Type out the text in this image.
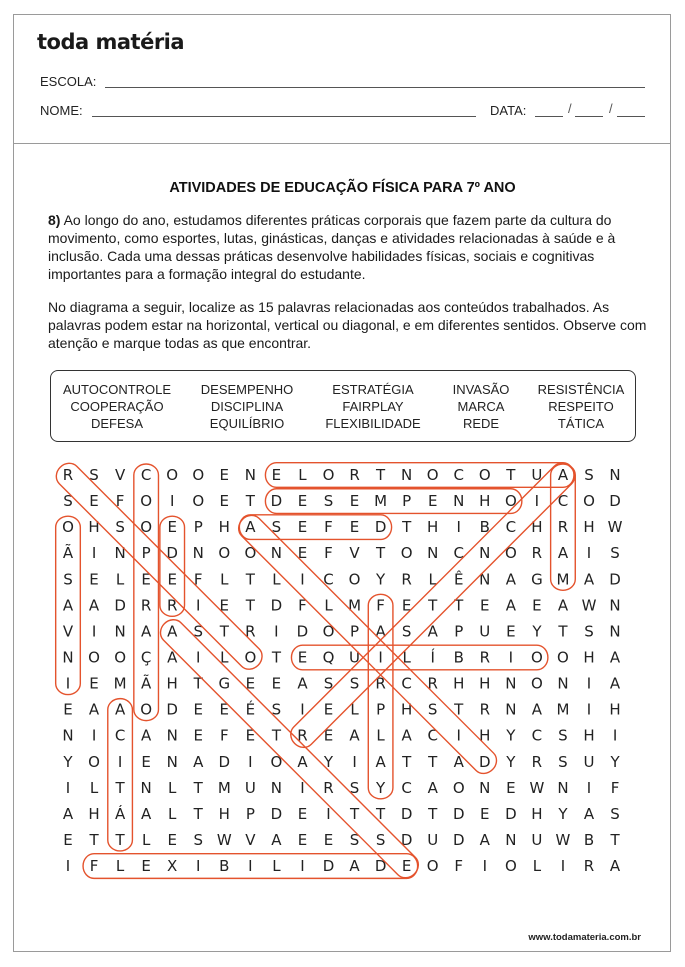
toda matéria
ESCOLA:
NOME:	DATA:	/	/
ATIVIDADES DE EDUCAÇÃO FÍSICA PARA 7º ANO
8) Ao longo do ano, estudamos diferentes práticas corporais que fazem parte da cultura do movimento, como esportes, lutas, ginásticas, danças e atividades relacionadas à saúde e à inclusão. Cada uma dessas práticas desenvolve habilidades físicas, sociais e cognitivas importantes para a formação integral do estudante.
No diagrama a seguir, localize as 15 palavras relacionadas aos conteúdos trabalhados. As palavras podem estar na horizontal, vertical ou diagonal, e em diferentes sentidos. Observe com atenção e marque todas as que encontrar.
AUTOCONTROLE
COOPERAÇÃO
DEFESA
DESEMPENHO
DISCIPLINA
EQUILÍBRIO
ESTRATÉGIA
FAIRPLAY
FLEXIBILIDADE
INVASÃO
MARCA
REDE
RESISTÊNCIA
RESPEITO
TÁTICA
R S V C O O E N E L O R T N O C O T U A S N
S E F O I O E T D E S E M P E N H O I C O D
O H S O E P H A S E F E D T H I B C H R H W
Ã I N P D N O O N E F V T O N C N O R A I S
S E L E E F L T L I C O Y R L Ê N A G M A D
A A D R R I E T D F L M F E T T E A E A W N
V I N A A S T R I D O P A S A P U E Y T S N
N O O Ç A I L O T E Q U I L Í B R I O O H A
I E M Ã H T G E E A S S R C R H H N O N I A
E A A O D E E É S I E L P H S T R N A M I H
N I C A N E F E T R E A L A C I H Y C S H I
Y O I E N A D I O A Y I A T T A D Y R S U Y
I L T N L T M U N I R S Y C A O N E W N I F
A H Á A L T H P D E I T T D T D E D H Y A S
E T T L E S W V A E E S S D U D A N U W B T
I F L E X I B I L I D A D E O F I O L I R A
www.todamateria.com.br
